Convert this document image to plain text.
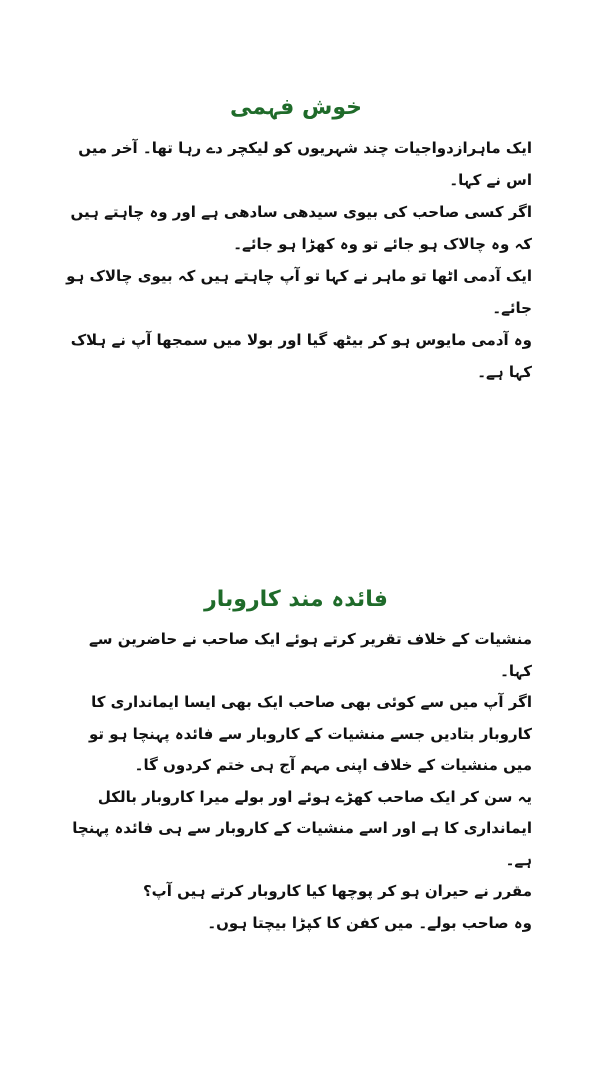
خوش فہمی

ایک ماہرازدواجیات چند شہریوں کو لیکچر دے رہا تھا۔ آخر میں اس نے کہا۔

اگر کسی صاحب کی بیوی سیدھی سادھی ہے اور وہ چاہتے ہیں کہ وہ چالاک ہو جائے تو وہ کھڑا ہو جائے۔

ایک آدمی اٹھا تو ماہر نے کہا تو آپ چاہتے ہیں کہ بیوی چالاک ہو جائے۔

وہ آدمی مایوس ہو کر بیٹھ گیا اور بولا میں سمجھا آپ نے ہلاک کہا ہے۔

فائدہ مند کاروبار

منشیات کے خلاف تقریر کرتے ہوئے ایک صاحب نے حاضرین سے کہا۔

اگر آپ میں سے کوئی بھی صاحب ایک بھی ایسا ایمانداری کا کاروبار بتادیں جسے منشیات کے کاروبار سے فائدہ پہنچا ہو تو میں منشیات کے خلاف اپنی مہم آج ہی ختم کردوں گا۔

یہ سن کر ایک صاحب کھڑے ہوئے اور بولے میرا کاروبار بالکل ایمانداری کا ہے اور اسے منشیات کے کاروبار سے ہی فائدہ پہنچا ہے۔

مقرر نے حیران ہو کر پوچھا کیا کاروبار کرتے ہیں آپ؟

وہ صاحب بولے۔ میں کفن کا کپڑا بیچتا ہوں۔
